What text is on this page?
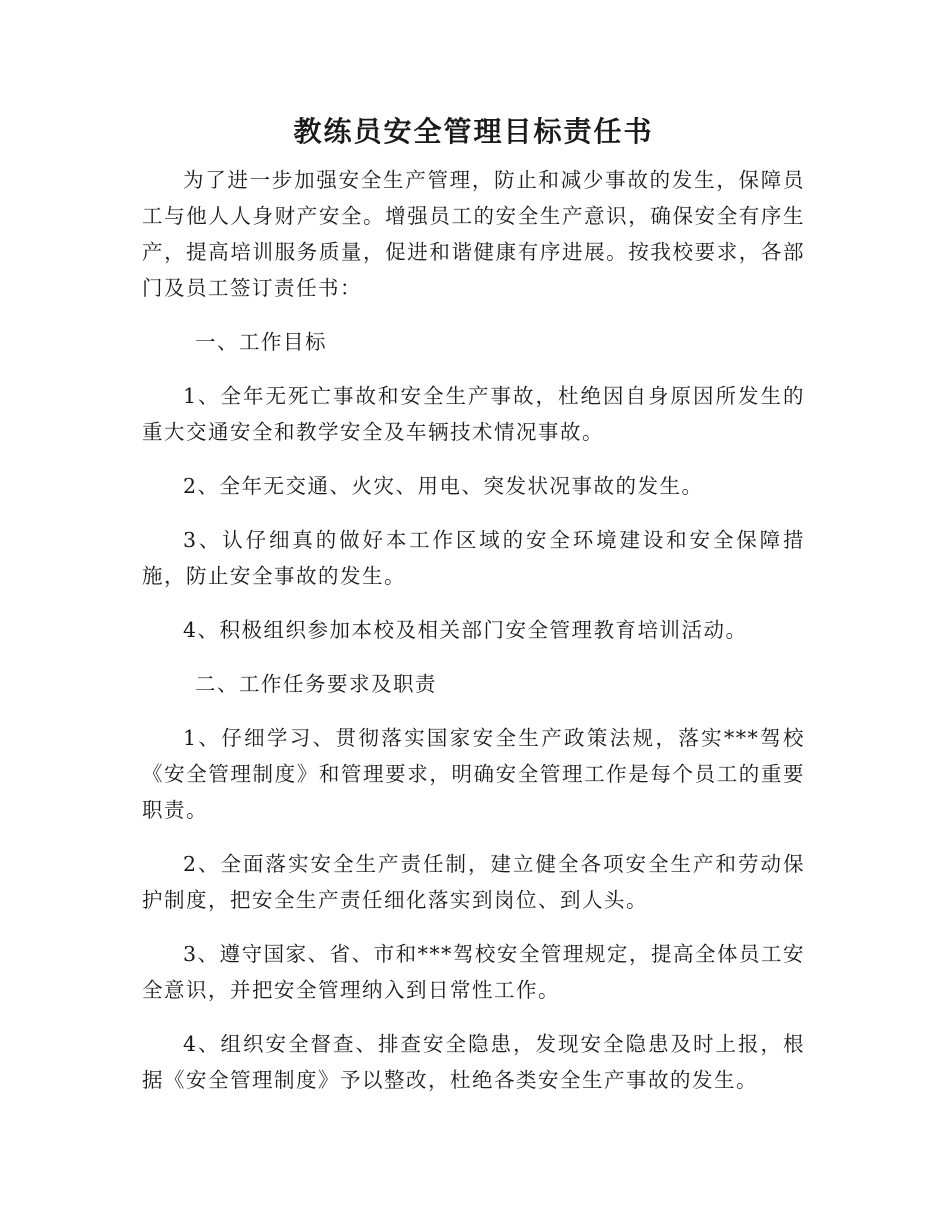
教练员安全管理目标责任书

为了进一步加强安全生产管理，防止和减少事故的发生，保障员工与他人人身财产安全。增强员工的安全生产意识，确保安全有序生产，提高培训服务质量，促进和谐健康有序进展。按我校要求，各部门及员工签订责任书：

一、工作目标

1、全年无死亡事故和安全生产事故，杜绝因自身原因所发生的重大交通安全和教学安全及车辆技术情况事故。

2、全年无交通、火灾、用电、突发状况事故的发生。

3、认仔细真的做好本工作区域的安全环境建设和安全保障措施，防止安全事故的发生。

4、积极组织参加本校及相关部门安全管理教育培训活动。

二、工作任务要求及职责

1、仔细学习、贯彻落实国家安全生产政策法规，落实***驾校《安全管理制度》和管理要求，明确安全管理工作是每个员工的重要职责。

2、全面落实安全生产责任制，建立健全各项安全生产和劳动保护制度，把安全生产责任细化落实到岗位、到人头。

3、遵守国家、省、市和***驾校安全管理规定，提高全体员工安全意识，并把安全管理纳入到日常性工作。

4、组织安全督查、排查安全隐患，发现安全隐患及时上报，根据《安全管理制度》予以整改，杜绝各类安全生产事故的发生。
